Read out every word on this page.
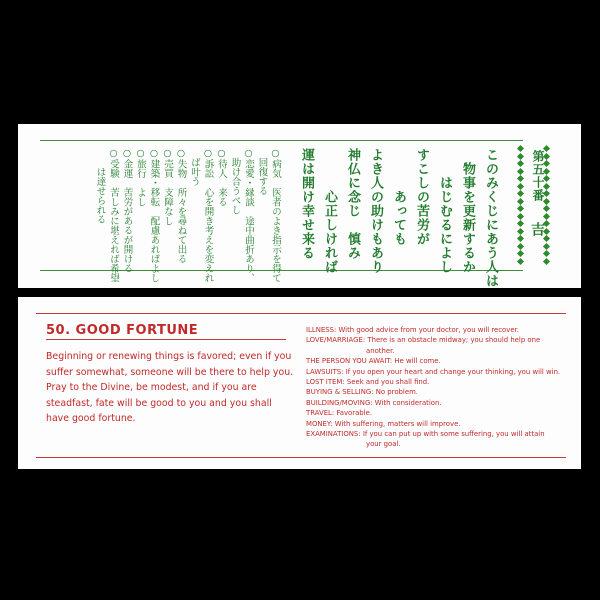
第五十番
吉
このみくじにあう人は
　物事を更新するか
　　はじむるによし
すこしの苦労が
　　　あっても
よき人の助けもあり
神仏に念じ　慎み
　　　心正しければ
運は開け幸せ来る
○病気　医者のよき指示を得て
　回復する
○恋愛・縁談　途中曲折あり、
　助け合うべし
○待人　来る
○訴訟　心を開き考えを変えれ
　ば叶う
○失物　所々を尋ねて出る
○売買　支障なし
○建築・移転　配慮あればよし
○旅行　よし
○金運　苦労があるが開ける
○受験　苦しみに堪えれば希望
　　は達せられる
50. GOOD FORTUNE

Beginning or renewing things is favored; even if you suffer somewhat, someone will be there to help you. Pray to the Divine, be modest, and if you are steadfast, fate will be good to you and you shall have good fortune.

ILLNESS: With good advice from your doctor, you will recover.
LOVE/MARRIAGE: There is an obstacle midway; you should help one
another.
THE PERSON YOU AWAIT: He will come.
LAWSUITS: If you open your heart and change your thinking, you will win.
LOST ITEM: Seek and you shall find.
BUYING & SELLING: No problem.
BUILDING/MOVING: With consideration.
TRAVEL: Favorable.
MONEY: With suffering, matters will improve.
EXAMINATIONS: If you can put up with some suffering, you will attain
your goal.
